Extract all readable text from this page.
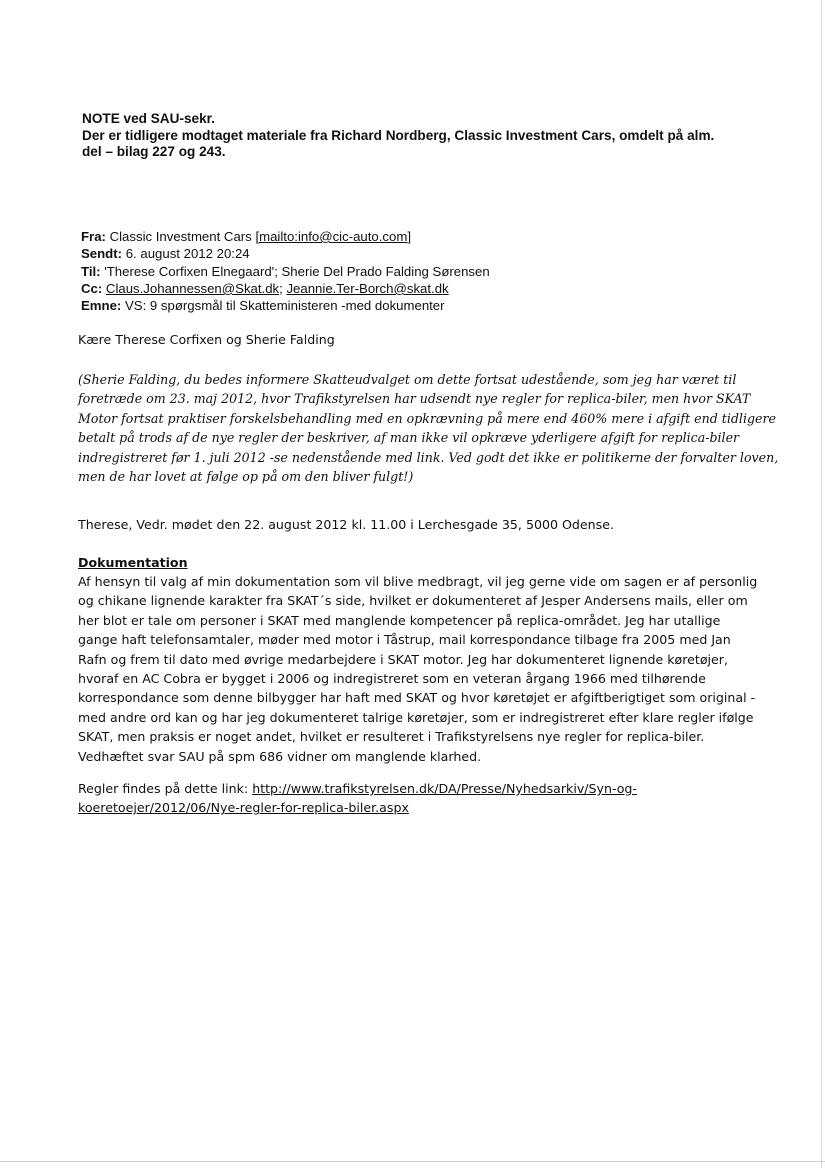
NOTE ved SAU-sekr.
Der er tidligere modtaget materiale fra Richard Nordberg, Classic Investment Cars, omdelt på alm.
del – bilag 227 og 243.
Fra: Classic Investment Cars [mailto:info@cic-auto.com]
Sendt: 6. august 2012 20:24
Til: 'Therese Corfixen Elnegaard'; Sherie Del Prado Falding Sørensen
Cc: Claus.Johannessen@Skat.dk; Jeannie.Ter-Borch@skat.dk
Emne: VS: 9 spørgsmål til Skatteministeren -med dokumenter
Kære Therese Corfixen og Sherie Falding
(Sherie Falding, du bedes informere Skatteudvalget om dette fortsat udestående, som jeg har været til
foretræde om 23. maj 2012, hvor Trafikstyrelsen har udsendt nye regler for replica-biler, men hvor SKAT
Motor fortsat praktiser forskelsbehandling med en opkrævning på mere end 460% mere i afgift end tidligere
betalt på trods af de nye regler der beskriver, af man ikke vil opkræve yderligere afgift for replica-biler
indregistreret før 1. juli 2012 -se nedenstående med link. Ved godt det ikke er politikerne der forvalter loven,
men de har lovet at følge op på om den bliver fulgt!)
Therese, Vedr. mødet den 22. august 2012 kl. 11.00 i Lerchesgade 35, 5000 Odense.
Dokumentation
Af hensyn til valg af min dokumentation som vil blive medbragt, vil jeg gerne vide om sagen er af personlig
og chikane lignende karakter fra SKAT´s side, hvilket er dokumenteret af Jesper Andersens mails, eller om
her blot er tale om personer i SKAT med manglende kompetencer på replica-området. Jeg har utallige
gange haft telefonsamtaler, møder med motor i Tåstrup, mail korrespondance tilbage fra 2005 med Jan
Rafn og frem til dato med øvrige medarbejdere i SKAT motor. Jeg har dokumenteret lignende køretøjer,
hvoraf en AC Cobra er bygget i 2006 og indregistreret som en veteran årgang 1966 med tilhørende
korrespondance som denne bilbygger har haft med SKAT og hvor køretøjet er afgiftberigtiget som original -
med andre ord kan og har jeg dokumenteret talrige køretøjer, som er indregistreret efter klare regler ifølge
SKAT, men praksis er noget andet, hvilket er resulteret i Trafikstyrelsens nye regler for replica-biler.
Vedhæftet svar SAU på spm 686 vidner om manglende klarhed.
Regler findes på dette link: http://www.trafikstyrelsen.dk/DA/Presse/Nyhedsarkiv/Syn-og-
koeretoejer/2012/06/Nye-regler-for-replica-biler.aspx
